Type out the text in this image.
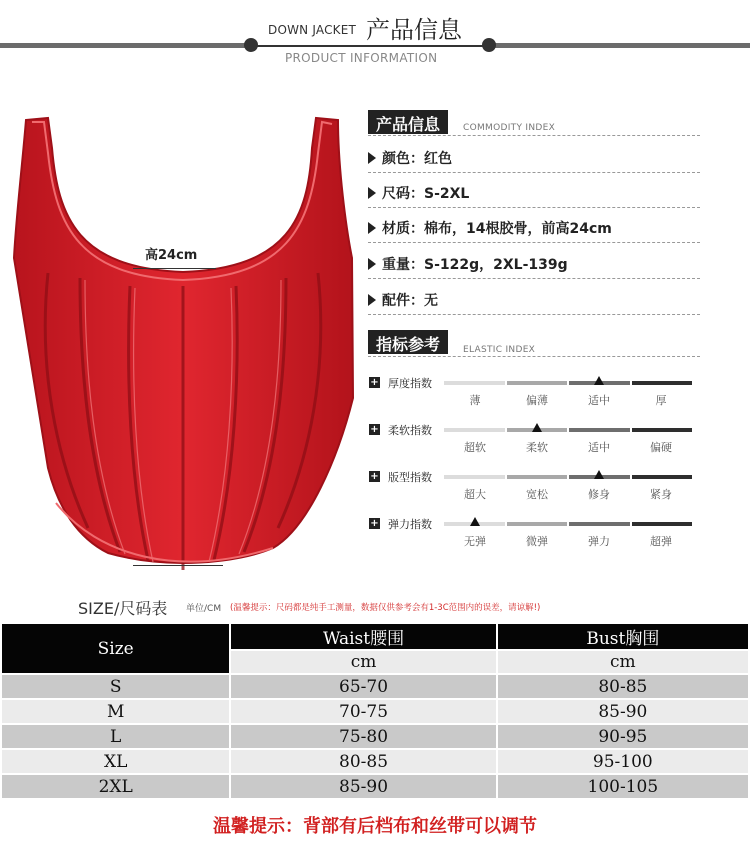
DOWN JACKET 产品信息
PRODUCT INFORMATION
高24cm
产品信息	COMMODITY INDEX
颜色：红色
尺码：S-2XL
材质：棉布，14根胶骨，前高24cm
重量：S-122g，2XL-139g
配件：无
指标参考	ELASTIC INDEX
+ 厚度指数
薄	偏薄	适中	厚
+ 柔软指数
超软	柔软	适中	偏硬
+ 版型指数
超大	宽松	修身	紧身
+ 弹力指数
无弹	微弹	弹力	超弹
SIZE/尺码表 单位/CM (温馨提示：尺码都是纯手工测量，数据仅供参考会有1-3C范围内的误差，请谅解!)
Size	Waist腰围	Bust胸围
	cm	cm
S	65-70	80-85
M	70-75	85-90
L	75-80	90-95
XL	80-85	95-100
2XL	85-90	100-105
温馨提示：背部有后档布和丝带可以调节
